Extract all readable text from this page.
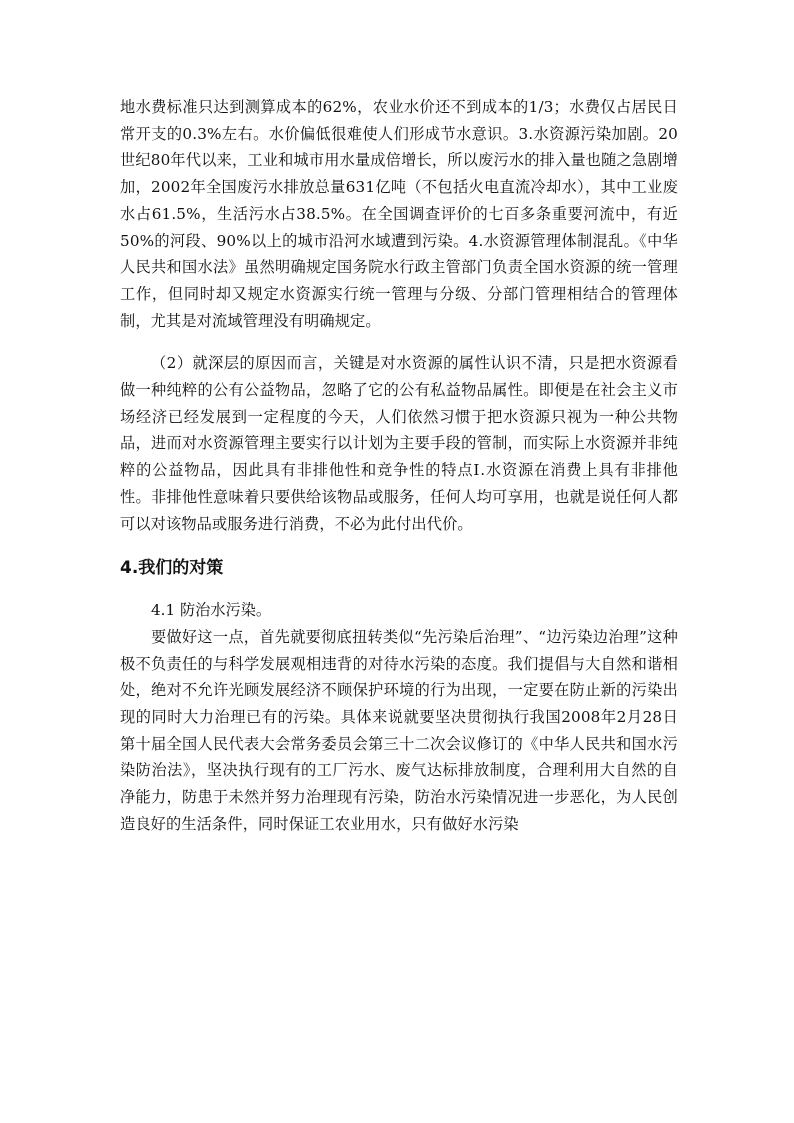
地水费标准只达到测算成本的62%，农业水价还不到成本的1/3；水费仅占居民日常开支的0.3%左右。水价偏低很难使人们形成节水意识。3.水资源污染加剧。20世纪80年代以来，工业和城市用水量成倍增长，所以废污水的排入量也随之急剧增加，2002年全国废污水排放总量631亿吨（不包括火电直流冷却水），其中工业废水占61.5%，生活污水占38.5%。在全国调查评价的七百多条重要河流中，有近50%的河段、90%以上的城市沿河水域遭到污染。4.水资源管理体制混乱。《中华人民共和国水法》虽然明确规定国务院水行政主管部门负责全国水资源的统一管理工作，但同时却又规定水资源实行统一管理与分级、分部门管理相结合的管理体制，尤其是对流域管理没有明确规定。

（2）就深层的原因而言，关键是对水资源的属性认识不清，只是把水资源看做一种纯粹的公有公益物品，忽略了它的公有私益物品属性。即便是在社会主义市场经济已经发展到一定程度的今天，人们依然习惯于把水资源只视为一种公共物品，进而对水资源管理主要实行以计划为主要手段的管制，而实际上水资源并非纯粹的公益物品，因此具有非排他性和竞争性的特点Ⅰ.水资源在消费上具有非排他性。非排他性意味着只要供给该物品或服务，任何人均可享用，也就是说任何人都可以对该物品或服务进行消费，不必为此付出代价。

4.我们的对策

4.1 防治水污染。

要做好这一点，首先就要彻底扭转类似“先污染后治理”、“边污染边治理”这种极不负责任的与科学发展观相违背的对待水污染的态度。我们提倡与大自然和谐相处，绝对不允许光顾发展经济不顾保护环境的行为出现，一定要在防止新的污染出现的同时大力治理已有的污染。具体来说就要坚决贯彻执行我国2008年2月28日第十届全国人民代表大会常务委员会第三十二次会议修订的《中华人民共和国水污染防治法》，坚决执行现有的工厂污水、废气达标排放制度，合理利用大自然的自净能力，防患于未然并努力治理现有污染，防治水污染情况进一步恶化，为人民创造良好的生活条件，同时保证工农业用水，只有做好水污染
